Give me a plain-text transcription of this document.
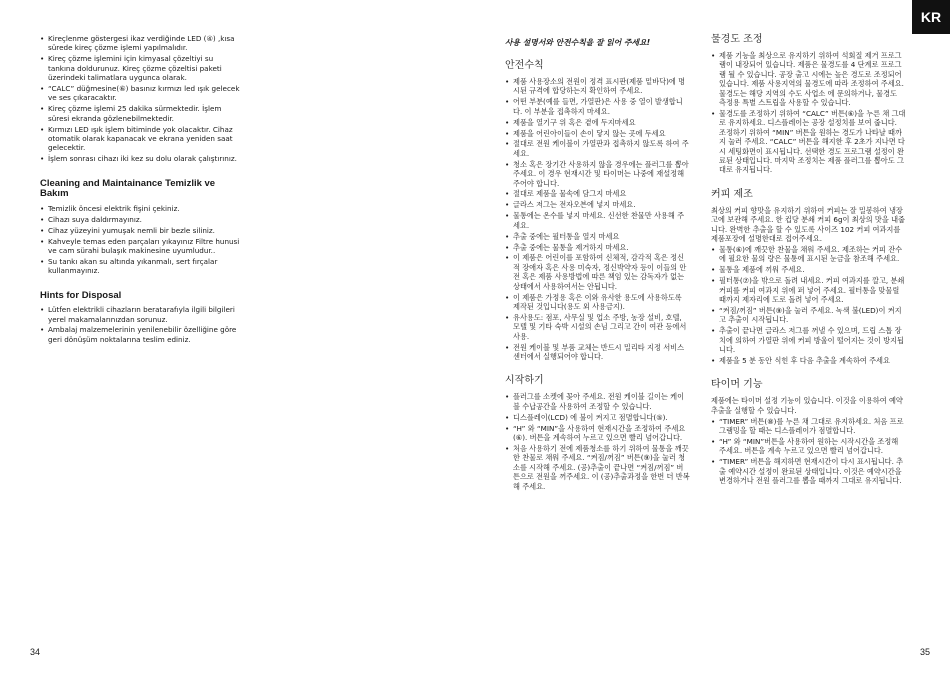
• Kireçlenme göstergesi ikaz verdiğinde LED (④) ,kısa sürede kireç çözme işlemi yapılmalıdır.
• Kireç çözme işlemini için kimyasal çözeltiyi su tankına doldurunuz. Kireç çözme çözeltisi paketi üzerindeki talimatlara uygunca olarak.
• “CALC” düğmesine(⑥) basınız kırmızı led ışık gelecek ve ses çıkaracaktır.
• Kireç çözme işlemi 25 dakika sürmektedir. İşlem süresi ekranda gözlenebilmektedir.
• Kırmızı LED ışık işlem bitiminde yok olacaktır. Cihaz otomatik olarak kapanacak ve ekrana yeniden saat gelecektir.
• İşlem sonrası cihazı iki kez su dolu olarak çalıştırınız.
Cleaning and Maintainance Temizlik ve Bakım
• Temizlik öncesi elektrik fişini çekiniz.
• Cihazı suya daldırmayınız.
• Cihaz yüzeyini yumuşak nemli bir bezle siliniz.
• Kahveyle temas eden parçaları yıkayınız Filtre hunusi ve cam sürahi bulaşık makinesine uyumludur..
• Su tankı akan su altında yıkanmalı, sert fırçalar kullanmayınız.
Hints for Disposal
• Lütfen elektrikli cihazların beratarafıyla ilgili bilgileri yerel makamalarınızdan sorunuz.
• Ambalaj malzemelerinin yenilenebilir özelliğine göre geri dönüşüm noktalarına teslim ediniz.
34
KR

사용 설명서와 안전수칙을 잘 읽어 주세요!

안전수칙
• 제품 사용장소의 전원이 정격 표시판(제품 밑바닥)에 명시된 규격에 합당하는지 확인하여 주세요.
• 어떤 부분(예를 들면, 가열판)은 사용 중 열이 발생합니다. 이 부분을 접촉하지 마세요.
• 제품을 열기구 위 혹은 곁에 두지마세요
• 제품을 어린아이들이 손이 닿지 않는 곳에 두세요
• 절대로 전원 케이블이 가열판과 접촉하지 않도록 하여 주세요.
• 청소 혹은 장기간 사용하지 않을 경우에는 플러그를 뽑아 주세요. 이 경우 현재시간 및 타이머는 나중에 재설정해 주어야 합니다.
• 절대로 제품을 물속에 담그지 마세요
• 글라스 저그는 전자오븐에 넣지 마세요.
• 물통에는 온수를 넣지 마세요. 신선한 찬물만 사용해 주세요.
• 추출 중에는 필터통을 열지 마세요
• 추출 중에는 물통을 제거하지 마세요.
• 이 제품은 어린이를 포함하여 신체적, 감각적 혹은 정신적 장애자 혹은 사용 미숙자, 정신박약자 등이 이들의 안전 혹은 제품 사용방법에 따른 책임 있는 감독자가 없는 상태에서 사용하여서는 안됩니다.
• 이 제품은 가정용 혹은 이와 유사한 용도에 사용하도록 제작된 것입니다(용도 외 사용금지).
• 유사용도: 점포, 사무실 및 업소 주방, 농장 설비, 호텔, 모텔 및 기타 숙박 시설의 손님 그리고 간이 여관 등에서 사용.
• 전원 케이블 및 부품 교체는 반드시 밀리타 지정 서비스 센터에서 실행되어야 합니다.
시작하기
• 플러그를 소켓에 꽂아 주세요. 전원 케이블 길이는 케이블 수납공간을 사용하여 조정할 수 있습니다.
• 디스플레이(LCD) 에 불이 켜지고 점멸합니다(⑤).
• “H” 와 “MIN”을 사용하여 현재시간을 조정하여 주세요(⑥). 버튼을 계속하여 누르고 있으면 빨리 넘어갑니다.
• 처음 사용하기 전에 제품청소를 하기 위하여 물통을 깨끗한 찬물로 채워 주세요. “켜짐/꺼짐” 버튼(⑨)을 눌러 청소를 시작해 주세요. (공)추출이 끝나면 “켜짐/꺼짐” 버튼으로 전원을 꺼주세요. 이 (공)추출과정을 한번 더 반복해 주세요.
물경도 조정
• 제품 기능을 최상으로 유지하기 위하여 석회질 제거 프로그램이 내장되어 있습니다. 제품은 물경도를 4 단계로 프로그램 될 수 있습니다. 공장 출고 시에는 높은 경도로 조정되어 있습니다. 제품 사용지역의 물경도에 따라 조정하여 주세요. 물경도는 해당 지역의 수도 사업소 에 문의하거나, 물경도 측정용 특별 스트립을 사용할 수 있습니다.
• 물경도를 조정하기 위하여 “CALC” 버튼(⑥)을 누른 채 그대로 유지하세요. 디스플레이는 공장 설정치를 보여 줍니다. 조정하기 위하여 “MIN” 버튼을 원하는 경도가 나타날 때까지 눌러 주세요. “CALC” 버튼을 해지한 후 2초가 지나면 다시 세팅화면이 표시됩니다. 선택한 경도 프로그램 설정이 완료된 상태입니다. 마지막 조정치는 제품 플러그를 뽑아도 그대로 유지됩니다.
커피 제조

최상의 커피 향맛을 유지하기 위하여 커피는 잘 밀봉하여 냉장고에 보관해 주세요. 한 컵당 분쇄 커피 6g이 최상의 맛을 내줍니다. 완벽한 추출을 할 수 있도록 사이즈 102 커피 여과지를 제품포장에 설명한대로 접어주세요.

• 물통(⑥)에 깨끗한 찬물을 채워 주세요. 제조하는 커피 잔수에 필요한 물의 량은 물통에 표시된 눈금을 참조해 주세요.
• 물통을 제품에 끼워 주세요.
• 필터통(⑦)을 밖으로 돌려 내세요. 커피 여과지를 깔고, 분쇄 커피를 커피 여과지 위에 퍼 넣어 주세요. 필터통을 맞물릴 때까지 제자리에 도로 돌려 넣어 주세요.
• “켜짐/꺼짐” 버튼(⑨)을 눌러 주세요. 녹색 불(LED)이 켜지고 추출이 시작됩니다.
• 추출이 끝나면 글라스 저그를 꺼낼 수 있으며, 드립 스톱 장치에 의하여 가열판 위에 커피 방울이 떨어지는 것이 방지됩니다.
• 제품을 5 분 동안 식힌 후 다음 추출을 계속하여 주세요
타이머 기능

제품에는 타이머 설정 기능이 있습니다. 이것을 이용하여 예약 추출을 실행할 수 있습니다.

• “TIMER” 버튼(⑧)를 누른 채 그대로 유지하세요. 처음 프로그램밍을 할 때는 디스플레이가 점멸합니다.
• “H” 와 “MIN”버튼을 사용하여 원하는 시작시간을 조정해 주세요. 버튼을 계속 누르고 있으면 빨리 넘어갑니다.
• “TIMER” 버튼을 해지하면 현재시간이 다시 표시됩니다. 추출 예약시간 설정이 완료된 상태입니다. 이것은 예약시간을 변경하거나 전원 플러그를 뽑을 때까지 그대로 유지됩니다.
35
